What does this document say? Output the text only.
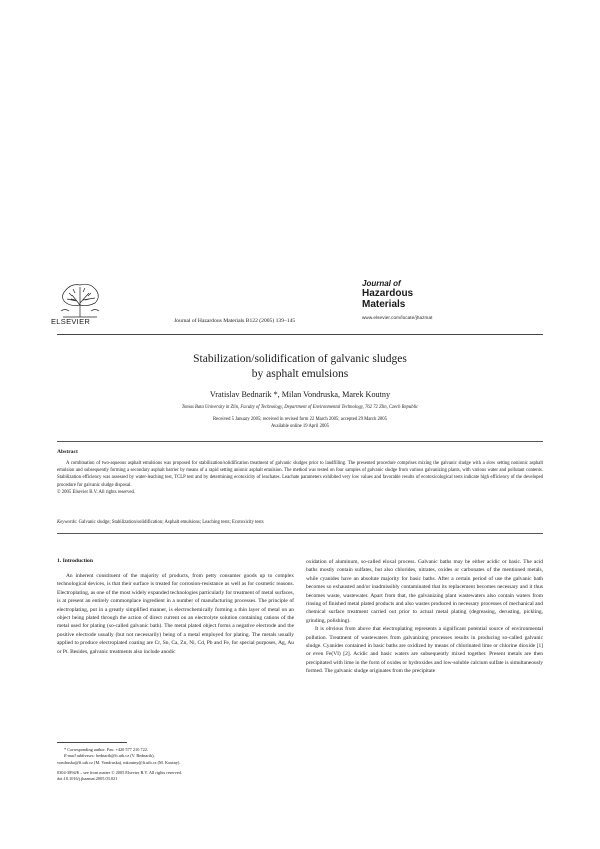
ELSEVIER	Journal of Hazardous Materials B122 (2005) 139–145
Journal of
Hazardous
Materials
www.elsevier.com/locate/jhazmat
Stabilization/solidification of galvanic sludges
by asphalt emulsions
Vratislav Bednarik *, Milan Vondruska, Marek Koutny
Tomas Bata University in Zlin, Faculty of Technology, Department of Environmental Technology, 762 72 Zlin, Czech Republic
Received 5 January 2005; received in revised form 22 March 2005; accepted 29 March 2005
Available online 19 April 2005
Abstract

A combination of two-aqueous asphalt emulsions was proposed for stabilization/solidification treatment of galvanic sludges prior to landfilling. The presented procedure comprises mixing the galvanic sludge with a slow setting nonionic asphalt emulsion and subsequently forming a secondary asphalt barrier by means of a rapid setting anionic asphalt emulsion. The method was tested on four samples of galvanic sludge from various galvanizing plants, with various water and pollutant contents. Stabilization efficiency was assessed by water-leaching test, TCLP test and by determining ecotoxicity of leachates. Leachate parameters exhibited very low values and favorable results of ecotoxicological tests indicate high efficiency of the developed procedure for galvanic sludge disposal.

© 2005 Elsevier B.V. All rights reserved.
Keywords: Galvanic sludge; Stabilization/solidification; Asphalt emulsions; Leaching tests; Ecotoxicity tests
1. Introduction

An inherent constituent of the majority of products, from petty consumer goods up to complex technological devices, is that their surface is treated for corrosion-resistance as well as for cosmetic reasons. Electroplating, as one of the most widely expanded technologies particularly for treatment of metal surfaces, is at present an entirely commonplace ingredient in a number of manufacturing processes. The principle of electroplating, put in a greatly simplified manner, is electrochemically forming a thin layer of metal on an object being plated through the action of direct current on an electrolyte solution containing cations of the metal used for plating (so-called galvanic bath). The metal plated object forms a negative electrode and the positive electrode usually (but not necessarily) being of a metal employed for plating. The metals usually applied to produce electroplated coating are Cr, Sn, Ca, Zn, Ni, Cd, Pb and Fe, for special purposes, Ag, Au or Pt. Besides, galvanic treatments also include anodic

oxidation of aluminum, so-called eloxal process. Galvanic baths may be either acidic or basic. The acid baths mostly contain sulfates, but also chlorides, nitrates, oxides or carbonates of the mentioned metals, while cyanides have an absolute majority for basic baths. After a certain period of use the galvanic bath becomes so exhausted and/or inadmissibly contaminated that its replacement becomes necessary and it thus becomes waste, wastewater. Apart from that, the galvanizing plant wastewaters also contain waters from rinsing of finished metal plated products and also wastes produced in necessary processes of mechanical and chemical surface treatment carried out prior to actual metal plating (degreasing, derusting, pickling, grinding, polishing).

It is obvious from above that electroplating represents a significant potential source of environmental pollution. Treatment of wastewaters from galvanizing processes results in producing so-called galvanic sludge. Cyanides contained in basic baths are oxidized by means of chlorinated lime or chlorine dioxide [1] or even Fe(VI) [2]. Acidic and basic waters are subsequently mixed together. Present metals are then precipitated with lime in the form of oxides or hydroxides and low-soluble calcium sulfate is simultaneously formed. The galvanic sludge originates from the precipitate

* Corresponding author. Fax: +420 577 210 722.
E-mail addresses: bednarik@ft.utb.cz (V. Bednarik),
vondruska@ft.utb.cz (M. Vondruska), mkoutny@ft.utb.cz (M. Koutny).
0304-3894/$ – see front matter © 2005 Elsevier B.V. All rights reserved.
doi:10.1016/j.jhazmat.2005.03.021
